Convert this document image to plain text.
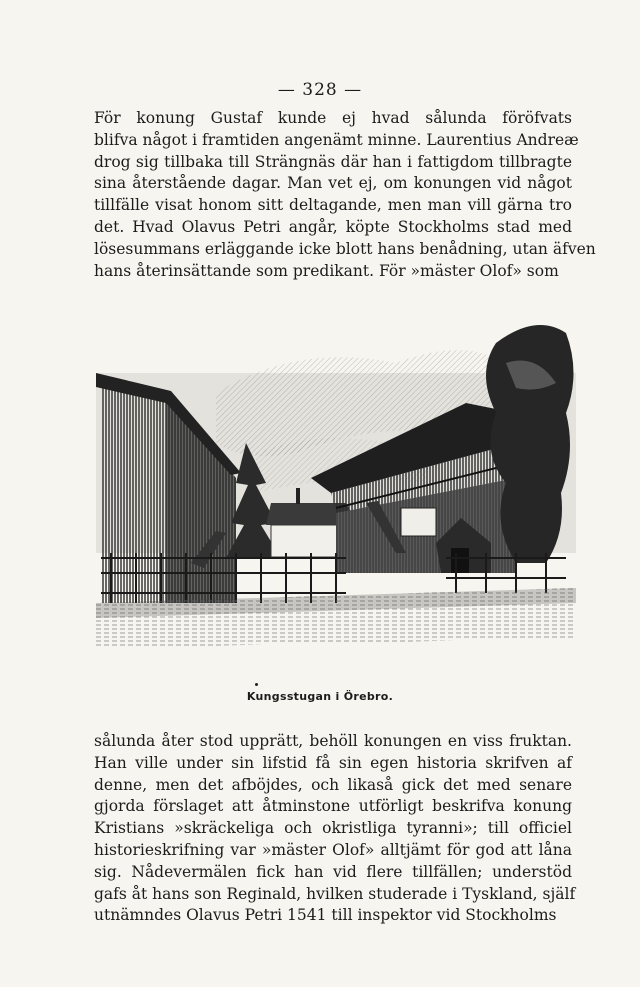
— 328 —

För konung Gustaf kunde ej hvad sålunda föröfvats
blifva något i framtiden angenämt minne. Laurentius Andreæ
drog sig tillbaka till Strängnäs där han i fattigdom tillbragte
sina återstående dagar. Man vet ej, om konungen vid något
tillfälle visat honom sitt deltagande, men man vill gärna tro
det. Hvad Olavus Petri angår, köpte Stockholms stad med
lösesummans erläggande icke blott hans benådning, utan äfven
hans återinsättande som predikant. För »mäster Olof» som

Kungsstugan i Örebro.

sålunda åter stod upprätt, behöll konungen en viss fruktan.
Han ville under sin lifstid få sin egen historia skrifven af
denne, men det afböjdes, och likaså gick det med senare
gjorda förslaget att åtminstone utförligt beskrifva konung
Kristians »skräckeliga och okristliga tyranni»; till officiel
historieskrifning var »mäster Olof» alltjämt för god att låna
sig. Nådevermälen fick han vid flere tillfällen; understöd
gafs åt hans son Reginald, hvilken studerade i Tyskland, själf
utnämndes Olavus Petri 1541 till inspektor vid Stockholms
